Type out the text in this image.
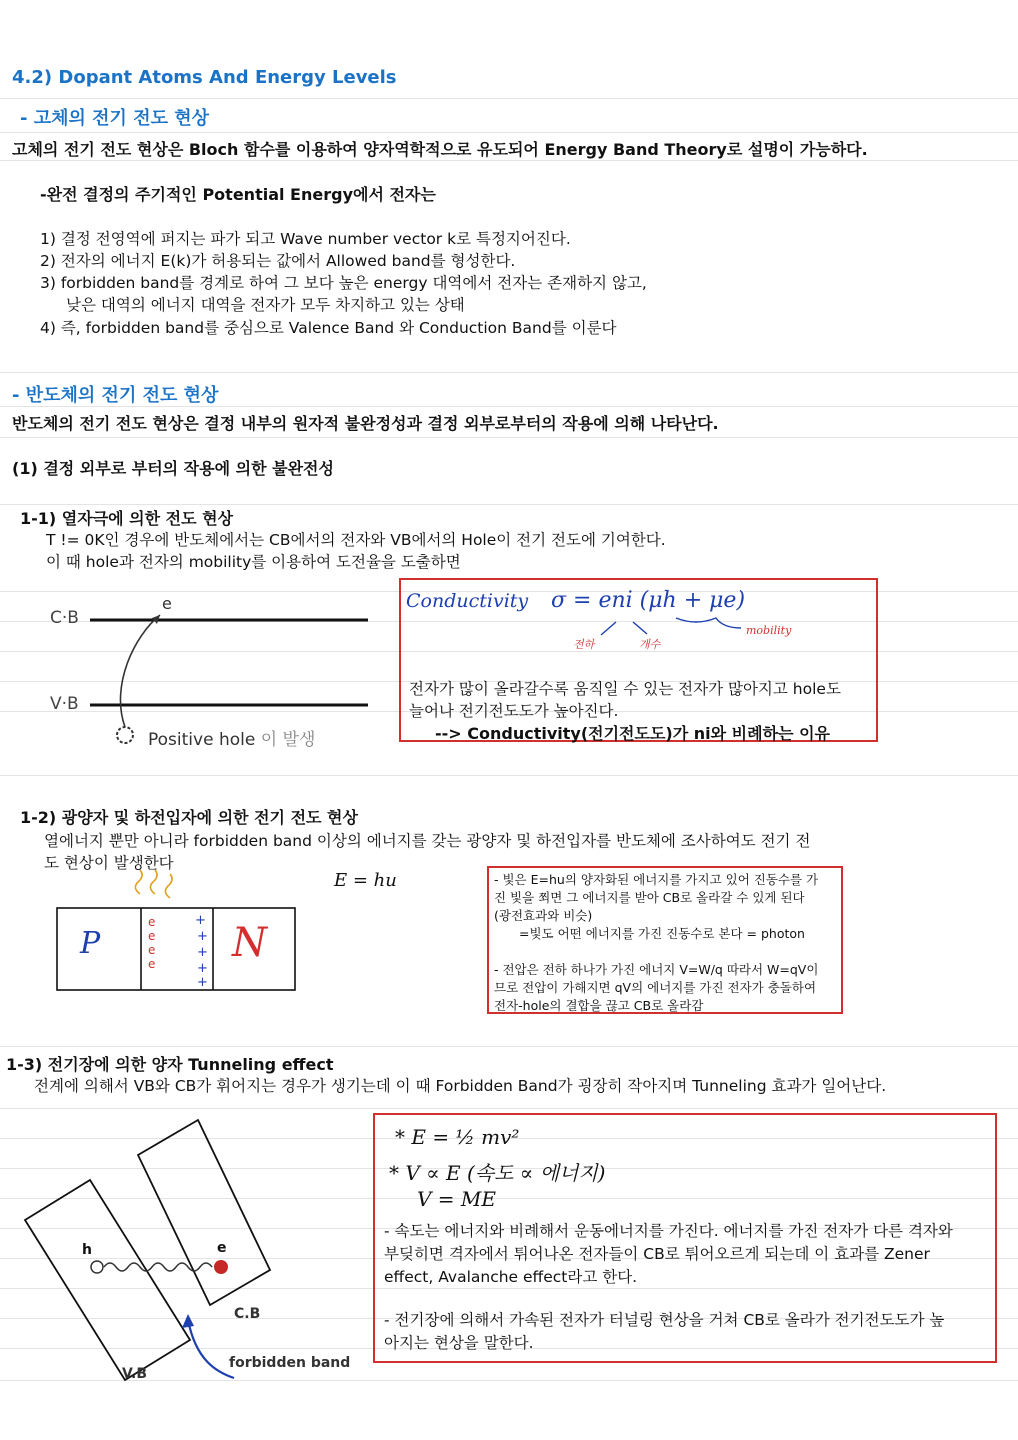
4.2) Dopant Atoms And Energy Levels
- 고체의 전기 전도 현상
고체의 전기 전도 현상은 Bloch 함수를 이용하여 양자역학적으로 유도되어 Energy Band Theory로 설명이 가능하다.
-완전 결정의 주기적인 Potential Energy에서 전자는
1) 결정 전영역에 퍼지는 파가 되고 Wave number vector k로 특정지어진다.
2) 전자의 에너지 E(k)가 허용되는 값에서 Allowed band를 형성한다.
3) forbidden band를 경계로 하여 그 보다 높은 energy 대역에서 전자는 존재하지 않고,
낮은 대역의 에너지 대역을 전자가 모두 차지하고 있는 상태
4) 즉, forbidden band를 중심으로 Valence Band 와 Conduction Band를 이룬다
- 반도체의 전기 전도 현상
반도체의 전기 전도 현상은 결정 내부의 원자적 불완정성과 결정 외부로부터의 작용에 의해 나타난다.
(1) 결정 외부로 부터의 작용에 의한 불완전성
1-1) 열자극에 의한 전도 현상
T != 0K인 경우에 반도체에서는 CB에서의 전자와 VB에서의 Hole이 전기 전도에 기여한다.
이 때 hole과 전자의 mobility를 이용하여 도전율을 도출하면
C·B
V·B
e
Positive hole 이 발생
Conductivity σ = eni (μh + μe)
전하	개수
mobility
전자가 많이 올라갈수록 움직일 수 있는 전자가 많아지고 hole도
늘어나 전기전도도가 높아진다.
--> Conductivity(전기전도도)가 ni와 비례하는 이유
1-2) 광양자 및 하전입자에 의한 전기 전도 현상
열에너지 뿐만 아니라 forbidden band 이상의 에너지를 갖는 광양자 및 하전입자를 반도체에 조사하여도 전기 전
도 현상이 발생한다
E = hu
e
e
e
e
+
+
+
+
+
P	N
- 빛은 E=hu의 양자화된 에너지를 가지고 있어 진동수를 가
진 빛을 쬐면 그 에너지를 받아 CB로 올라갈 수 있게 된다
(광전효과와 비슷)
=빛도 어떤 에너지를 가진 진동수로 본다 = photon
- 전압은 전하 하나가 가진 에너지 V=W/q 따라서 W=qV이
므로 전압이 가해지면 qV의 에너지를 가진 전자가 충돌하여
전자-hole의 결합을 끊고 CB로 올라감
1-3) 전기장에 의한 양자 Tunneling effect
전계에 의해서 VB와 CB가 휘어지는 경우가 생기는데 이 때 Forbidden Band가 굉장히 작아지며 Tunneling 효과가 일어난다.
h	e
C.B
V.B
forbidden band
* E = ½ mv²
* V ∝ E (속도 ∝ 에너지)
V = ME
- 속도는 에너지와 비례해서 운동에너지를 가진다. 에너지를 가진 전자가 다른 격자와
부딪히면 격자에서 튀어나온 전자들이 CB로 튀어오르게 되는데 이 효과를 Zener
effect, Avalanche effect라고 한다.
- 전기장에 의해서 가속된 전자가 터널링 현상을 거쳐 CB로 올라가 전기전도도가 높
아지는 현상을 말한다.
